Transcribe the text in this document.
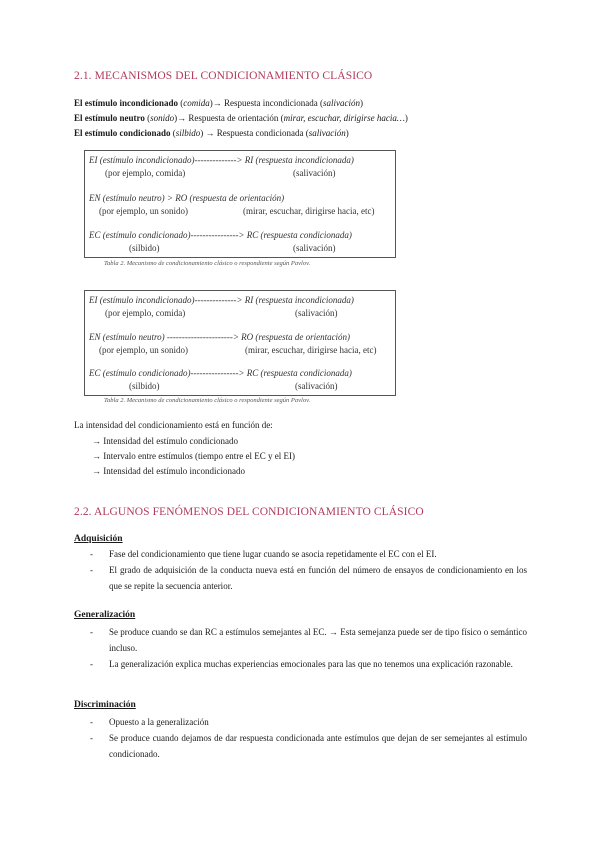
2.1. MECANISMOS DEL CONDICIONAMIENTO CLÁSICO
El estímulo incondicionado (comida)→ Respuesta incondicionada (salivación)
El estímulo neutro (sonido)→ Respuesta de orientación (mirar, escuchar, dirigirse hacia…)
El estímulo condicionado (silbido) → Respuesta condicionada (salivación)
EI (estímulo incondicionado)--------------> RI (respuesta incondicionada)
(por ejemplo, comida)	(salivación)
EN (estímulo neutro) > RO (respuesta de orientación)
(por ejemplo, un sonido)	(mirar, escuchar, dirigirse hacia, etc)
EC (estímulo condicionado)----------------> RC (respuesta condicionada)
(silbido)	(salivación)
Tabla 2. Mecanismo de condicionamiento clásico o respondiente según Pavlov.
EI (estímulo incondicionado)--------------> RI (respuesta incondicionada)
(por ejemplo, comida)	(salivación)
EN (estímulo neutro) ----------------------> RO (respuesta de orientación)
(por ejemplo, un sonido)	(mirar, escuchar, dirigirse hacia, etc)
EC (estímulo condicionado)----------------> RC (respuesta condicionada)
(silbido)	(salivación)
Tabla 2. Mecanismo de condicionamiento clásico o respondiente según Pavlov.
La intensidad del condicionamiento está en función de:
→ Intensidad del estímulo condicionado
→ Intervalo entre estímulos (tiempo entre el EC y el EI)
→ Intensidad del estímulo incondicionado
2.2. ALGUNOS FENÓMENOS DEL CONDICIONAMIENTO CLÁSICO
Adquisición
- Fase del condicionamiento que tiene lugar cuando se asocia repetidamente el EC con el EI.
- El grado de adquisición de la conducta nueva está en función del número de ensayos de condicionamiento en los que se repite la secuencia anterior.
Generalización
- Se produce cuando se dan RC a estímulos semejantes al EC. → Esta semejanza puede ser de tipo físico o semántico incluso.
- La generalización explica muchas experiencias emocionales para las que no tenemos una explicación razonable.
Discriminación
- Opuesto a la generalización
- Se produce cuando dejamos de dar respuesta condicionada ante estímulos que dejan de ser semejantes al estímulo condicionado.
